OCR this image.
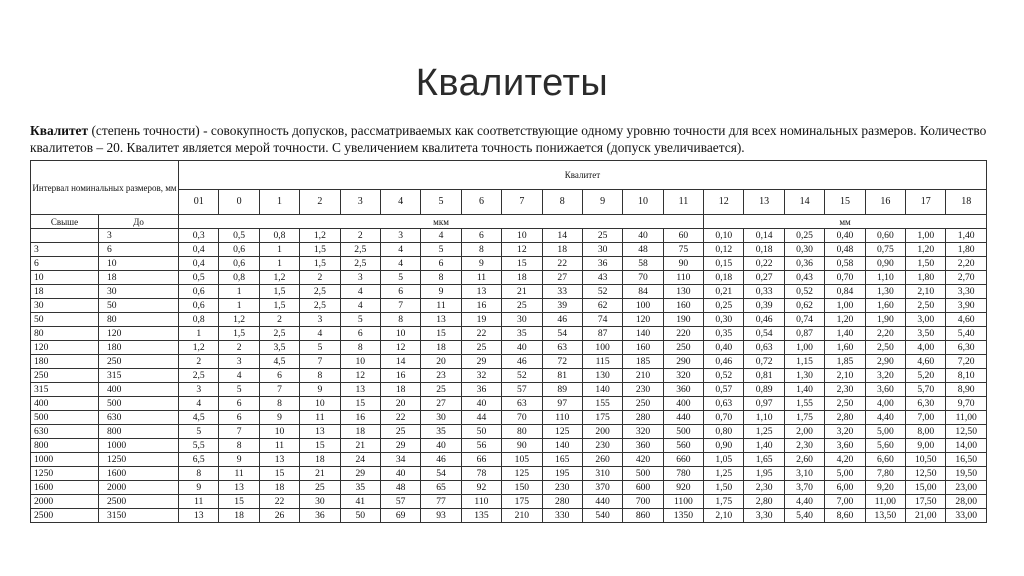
Квалитеты
Квалитет (степень точности) - совокупность допусков, рассматриваемых как соответствующие одному уровню точности для всех номинальных размеров. Количество квалитетов – 20. Квалитет является мерой точности. С увеличением квалитета точность понижается (допуск увеличивается).
Интервал номинальных размеров, мм		Квалитет																			
		01	0	1	2	3	4	5	6	7	8	9	10	11	12	13	14	15	16	17	18
Свыше	До	мкм													мм						
	3	0,3	0,5	0,8	1,2	2	3	4	6	10	14	25	40	60	0,10	0,14	0,25	0,40	0,60	1,00	1,40
3	6	0,4	0,6	1	1,5	2,5	4	5	8	12	18	30	48	75	0,12	0,18	0,30	0,48	0,75	1,20	1,80
6	10	0,4	0,6	1	1,5	2,5	4	6	9	15	22	36	58	90	0,15	0,22	0,36	0,58	0,90	1,50	2,20
10	18	0,5	0,8	1,2	2	3	5	8	11	18	27	43	70	110	0,18	0,27	0,43	0,70	1,10	1,80	2,70
18	30	0,6	1	1,5	2,5	4	6	9	13	21	33	52	84	130	0,21	0,33	0,52	0,84	1,30	2,10	3,30
30	50	0,6	1	1,5	2,5	4	7	11	16	25	39	62	100	160	0,25	0,39	0,62	1,00	1,60	2,50	3,90
50	80	0,8	1,2	2	3	5	8	13	19	30	46	74	120	190	0,30	0,46	0,74	1,20	1,90	3,00	4,60
80	120	1	1,5	2,5	4	6	10	15	22	35	54	87	140	220	0,35	0,54	0,87	1,40	2,20	3,50	5,40
120	180	1,2	2	3,5	5	8	12	18	25	40	63	100	160	250	0,40	0,63	1,00	1,60	2,50	4,00	6,30
180	250	2	3	4,5	7	10	14	20	29	46	72	115	185	290	0,46	0,72	1,15	1,85	2,90	4,60	7,20
250	315	2,5	4	6	8	12	16	23	32	52	81	130	210	320	0,52	0,81	1,30	2,10	3,20	5,20	8,10
315	400	3	5	7	9	13	18	25	36	57	89	140	230	360	0,57	0,89	1,40	2,30	3,60	5,70	8,90
400	500	4	6	8	10	15	20	27	40	63	97	155	250	400	0,63	0,97	1,55	2,50	4,00	6,30	9,70
500	630	4,5	6	9	11	16	22	30	44	70	110	175	280	440	0,70	1,10	1,75	2,80	4,40	7,00	11,00
630	800	5	7	10	13	18	25	35	50	80	125	200	320	500	0,80	1,25	2,00	3,20	5,00	8,00	12,50
800	1000	5,5	8	11	15	21	29	40	56	90	140	230	360	560	0,90	1,40	2,30	3,60	5,60	9,00	14,00
1000	1250	6,5	9	13	18	24	34	46	66	105	165	260	420	660	1,05	1,65	2,60	4,20	6,60	10,50	16,50
1250	1600	8	11	15	21	29	40	54	78	125	195	310	500	780	1,25	1,95	3,10	5,00	7,80	12,50	19,50
1600	2000	9	13	18	25	35	48	65	92	150	230	370	600	920	1,50	2,30	3,70	6,00	9,20	15,00	23,00
2000	2500	11	15	22	30	41	57	77	110	175	280	440	700	1100	1,75	2,80	4,40	7,00	11,00	17,50	28,00
2500	3150	13	18	26	36	50	69	93	135	210	330	540	860	1350	2,10	3,30	5,40	8,60	13,50	21,00	33,00
